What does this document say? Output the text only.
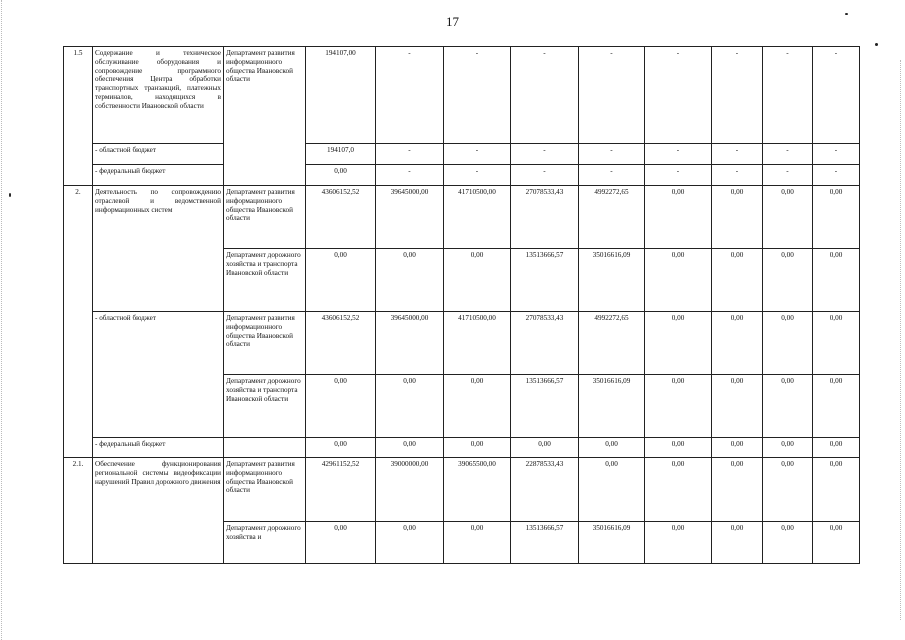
17
1.5	Содержание и техническое обслуживание оборудования и сопровождение программного обеспечения Центра обработки транспортных транзакций, платежных терминалов, находящихся в собственности Ивановской области	Департамент развития информационного общества Ивановской области	194107,00	-	-	-	-	-	-	-	-
	- областной бюджет		194107,0	-	-	-	-	-	-	-	-
	- федеральный бюджет		0,00	-	-	-	-	-	-	-	-
2.	Деятельность по сопровождению отраслевой и ведомственной информационных систем	Департамент развития информационного общества Ивановской области	43606152,52	39645000,00	41710500,00	27078533,43	4992272,65	0,00	0,00	0,00	0,00
		Департамент дорожного хозяйства и транспорта Ивановской области	0,00	0,00	0,00	13513666,57	35016616,09	0,00	0,00	0,00	0,00
	- областной бюджет	Департамент развития информационного общества Ивановской области	43606152,52	39645000,00	41710500,00	27078533,43	4992272,65	0,00	0,00	0,00	0,00
		Департамент дорожного хозяйства и транспорта Ивановской области	0,00	0,00	0,00	13513666,57	35016616,09	0,00	0,00	0,00	0,00
	- федеральный бюджет		0,00	0,00	0,00	0,00	0,00	0,00	0,00	0,00	0,00
2.1.	Обеспечение функционирования региональной системы видеофиксации нарушений Правил дорожного движения	Департамент развития информационного общества Ивановской области	42961152,52	39000000,00	39065500,00	22878533,43	0,00	0,00	0,00	0,00	0,00
		Департамент дорожного хозяйства и	0,00	0,00	0,00	13513666,57	35016616,09	0,00	0,00	0,00	0,00
